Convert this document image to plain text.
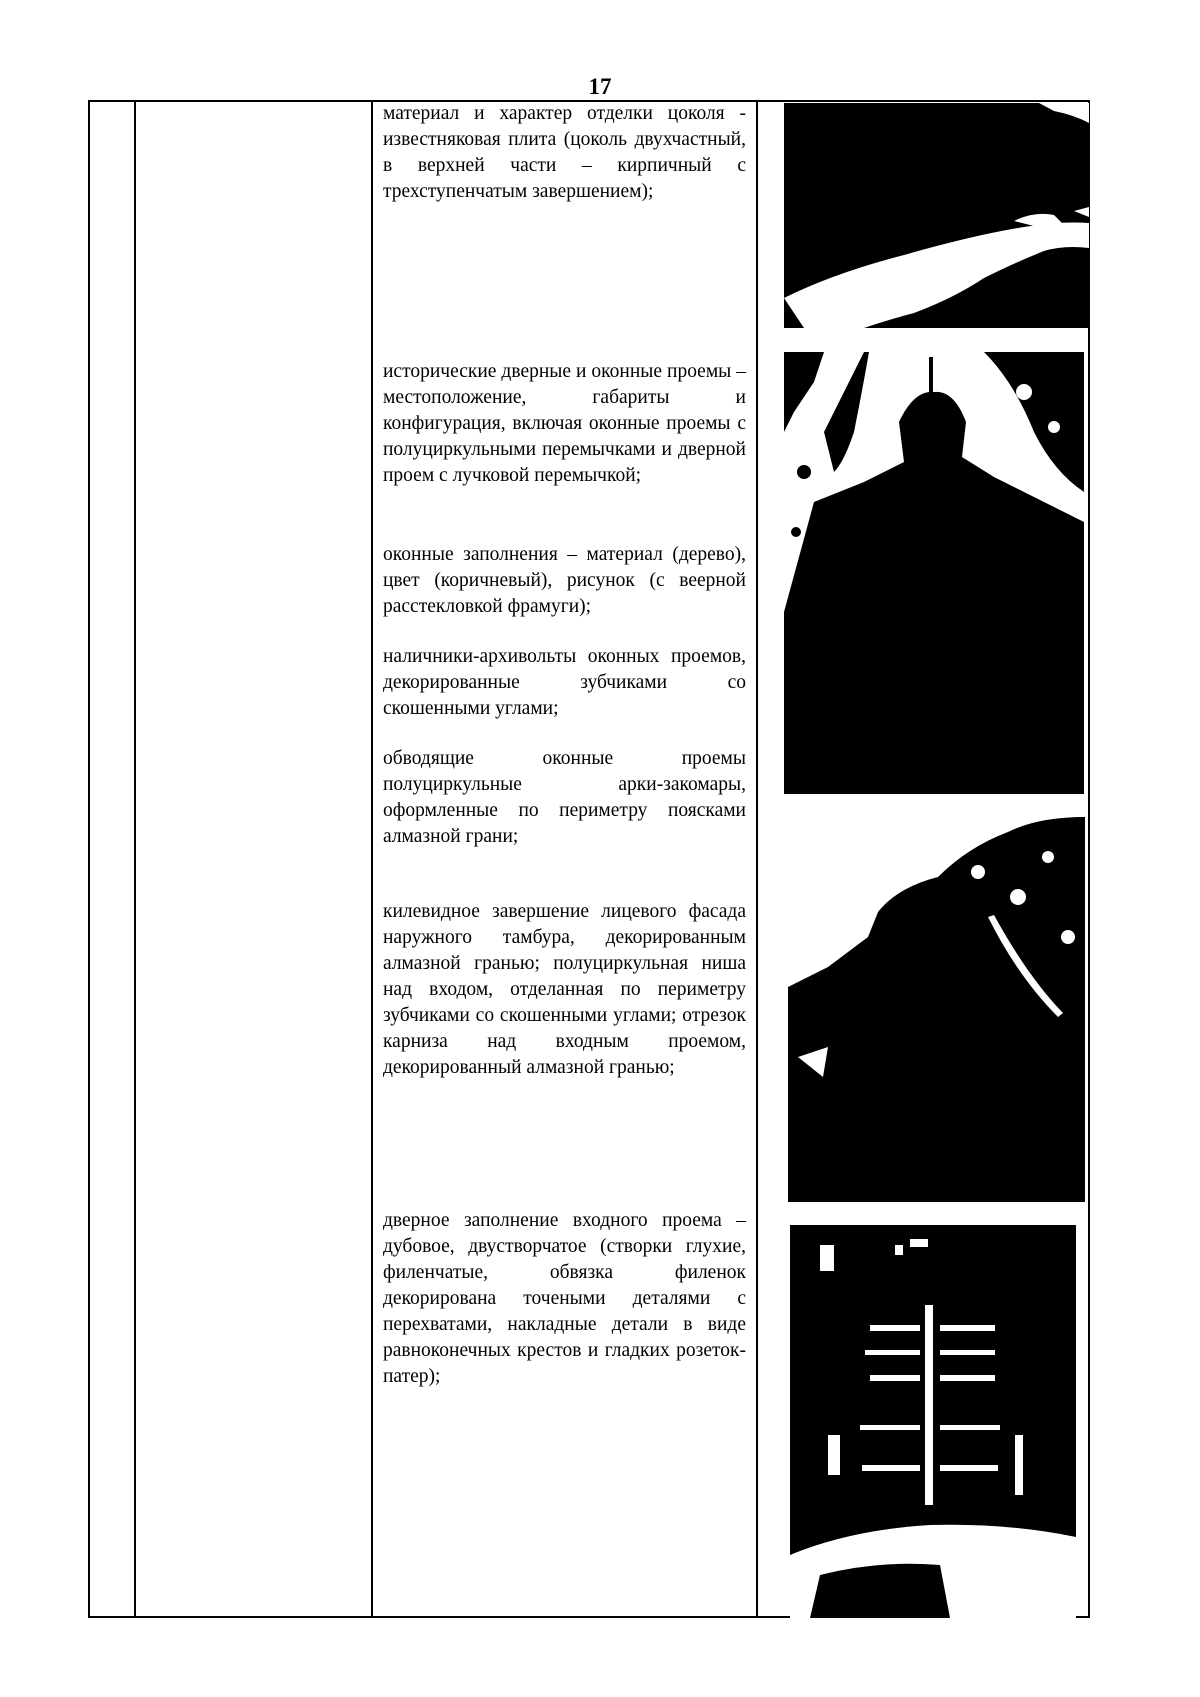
17
материал и характер отделки цоколя - известняковая плита (цоколь двухчастный, в верхней части – кирпичный с трехступенчатым завершением);
исторические дверные и оконные проемы – местоположение, габариты и конфигурация, включая оконные проемы с полуциркульными перемычками и дверной проем с лучковой перемычкой;
оконные заполнения – материал (дерево), цвет (коричневый), рисунок (с веерной расстекловкой фрамуги);
наличники-архивольты оконных проемов, декорированные зубчиками со скошенными углами;
обводящие оконные проемы полуциркульные арки-закомары, оформленные по периметру поясками алмазной грани;
килевидное завершение лицевого фасада наружного тамбура, декорированным алмазной гранью; полуциркульная ниша над входом, отделанная по периметру зубчиками со скошенными углами; отрезок карниза над входным проемом, декорированный алмазной гранью;
дверное заполнение входного проема – дубовое, двустворчатое (створки глухие, филенчатые, обвязка филенок декорирована точеными деталями с перехватами, накладные детали в виде равноконечных крестов и гладких розеток-патер);
